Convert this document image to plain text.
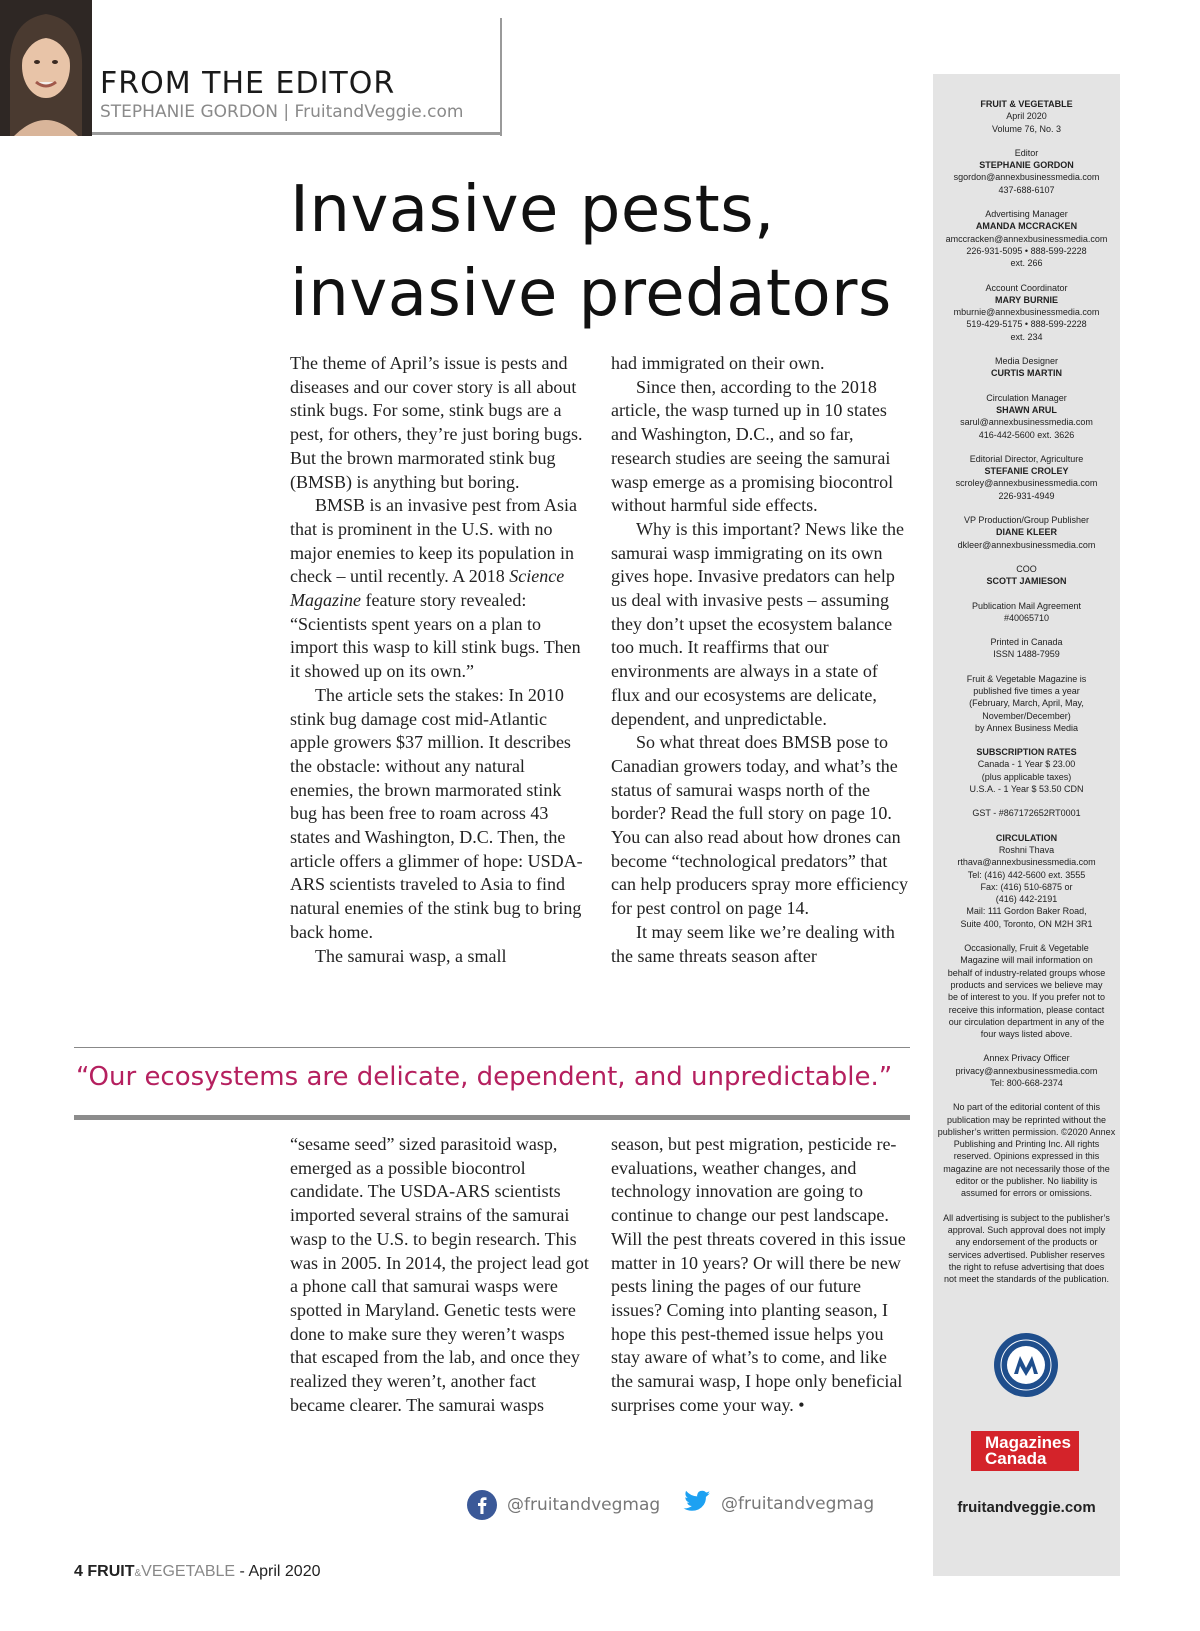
FROM THE EDITOR
STEPHANIE GORDON | FruitandVeggie.com
Invasive pests,
invasive predators

The theme of April’s issue is pests and diseases and our cover story is all about stink bugs. For some, stink bugs are a pest, for others, they’re just boring bugs. But the brown marmorated stink bug (BMSB) is anything but boring.

BMSB is an invasive pest from Asia that is prominent in the U.S. with no major enemies to keep its population in check – until recently. A 2018 Science Magazine feature story revealed: “Scientists spent years on a plan to import this wasp to kill stink bugs. Then it showed up on its own.”

The article sets the stakes: In 2010 stink bug damage cost mid-Atlantic apple growers $37 million. It describes the obstacle: without any natural enemies, the brown marmorated stink bug has been free to roam across 43 states and Washington, D.C. Then, the article offers a glimmer of hope: USDA-ARS scientists traveled to Asia to find natural enemies of the stink bug to bring back home.

The samurai wasp, a small

had immigrated on their own.

Since then, according to the 2018 article, the wasp turned up in 10 states and Washington, D.C., and so far, research studies are seeing the samurai wasp emerge as a promising biocontrol without harmful side effects.

Why is this important? News like the samurai wasp immigrating on its own gives hope. Invasive predators can help us deal with invasive pests – assuming they don’t upset the ecosystem balance too much. It reaffirms that our environments are always in a state of flux and our ecosystems are delicate, dependent, and unpredictable.

So what threat does BMSB pose to Canadian growers today, and what’s the status of samurai wasps north of the border? Read the full story on page 10. You can also read about how drones can become “technological predators” that can help producers spray more efficiency for pest control on page 14.

It may seem like we’re dealing with the same threats season after

“Our ecosystems are delicate, dependent, and unpredictable.”

“sesame seed” sized parasitoid wasp, emerged as a possible biocontrol candidate. The USDA-ARS scientists imported several strains of the samurai wasp to the U.S. to begin research. This was in 2005. In 2014, the project lead got a phone call that samurai wasps were spotted in Maryland. Genetic tests were done to make sure they weren’t wasps that escaped from the lab, and once they realized they weren’t, another fact became clearer. The samurai wasps

season, but pest migration, pesticide re-evaluations, weather changes, and technology innovation are going to continue to change our pest landscape. Will the pest threats covered in this issue matter in 10 years? Or will there be new pests lining the pages of our future issues? Coming into planting season, I hope this pest-themed issue helps you stay aware of what’s to come, and like the samurai wasp, I hope only beneficial surprises come your way. •

@fruitandvegmag	@fruitandvegmag
4 FRUIT&VEGETABLE - April 2020
FRUIT & VEGETABLE
April 2020
Volume 76, No. 3
Editor
STEPHANIE GORDON
sgordon@annexbusinessmedia.com
437-688-6107
Advertising Manager
AMANDA MCCRACKEN
amccracken@annexbusinessmedia.com
226-931-5095 • 888-599-2228
ext. 266
Account Coordinator
MARY BURNIE
mburnie@annexbusinessmedia.com
519-429-5175 • 888-599-2228
ext. 234
Media Designer
CURTIS MARTIN
Circulation Manager
SHAWN ARUL
sarul@annexbusinessmedia.com
416-442-5600 ext. 3626
Editorial Director, Agriculture
STEFANIE CROLEY
scroley@annexbusinessmedia.com
226-931-4949
VP Production/Group Publisher
DIANE KLEER
dkleer@annexbusinessmedia.com
COO
SCOTT JAMIESON
Publication Mail Agreement
#40065710
Printed in Canada
ISSN 1488-7959
Fruit & Vegetable Magazine is
published five times a year
(February, March, April, May,
November/December)
by Annex Business Media
SUBSCRIPTION RATES
Canada - 1 Year $ 23.00
(plus applicable taxes)
U.S.A. - 1 Year $ 53.50 CDN
GST - #867172652RT0001
CIRCULATION
Roshni Thava
rthava@annexbusinessmedia.com
Tel: (416) 442-5600 ext. 3555
Fax: (416) 510-6875 or
(416) 442-2191
Mail: 111 Gordon Baker Road,
Suite 400, Toronto, ON M2H 3R1
Occasionally, Fruit & Vegetable Magazine will mail information on behalf of industry-related groups whose products and services we believe may be of interest to you. If you prefer not to receive this information, please contact our circulation department in any of the four ways listed above.
Annex Privacy Officer
privacy@annexbusinessmedia.com
Tel: 800-668-2374
No part of the editorial content of this publication may be reprinted without the publisher’s written permission. ©2020 Annex Publishing and Printing Inc. All rights reserved. Opinions expressed in this magazine are not necessarily those of the editor or the publisher. No liability is assumed for errors or omissions.
All advertising is subject to the publisher’s approval. Such approval does not imply any endorsement of the products or services advertised. Publisher reserves the right to refuse advertising that does not meet the standards of the publication.
Magazines
Canada
fruitandveggie.com
